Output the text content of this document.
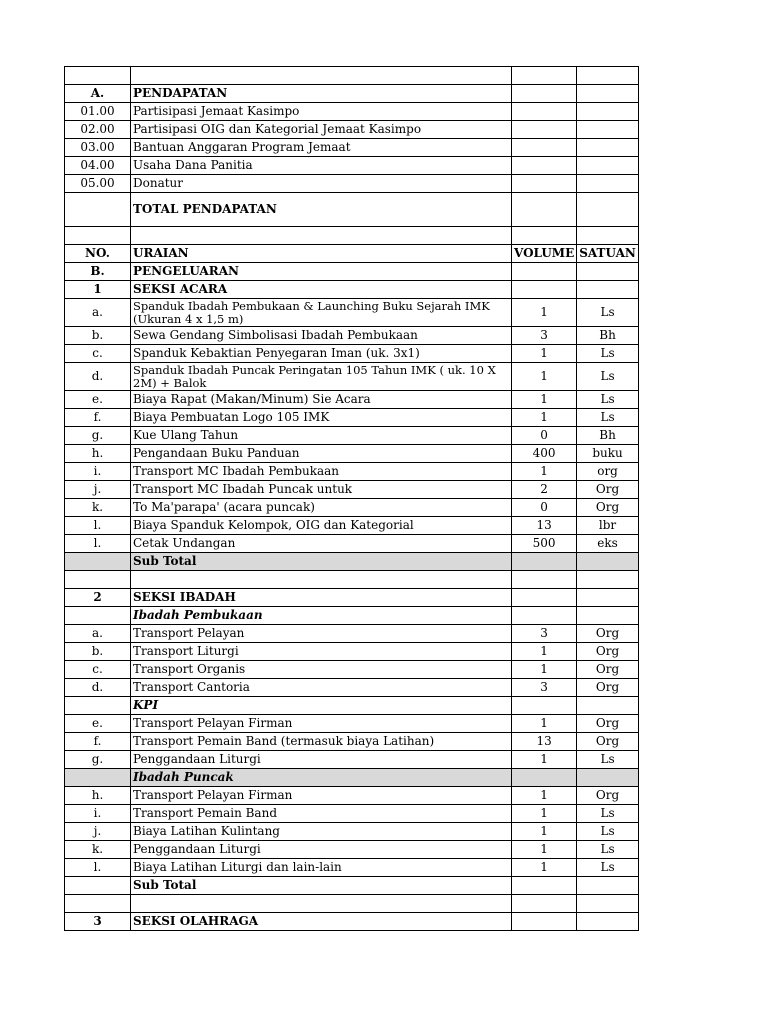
A.	PENDAPATAN		
01.00	Partisipasi Jemaat Kasimpo		
02.00	Partisipasi OIG dan Kategorial Jemaat Kasimpo		
03.00	Bantuan Anggaran Program Jemaat		
04.00	Usaha Dana Panitia		
05.00	Donatur		
	TOTAL PENDAPATAN		

NO.	URAIAN	VOLUME	SATUAN
B.	PENGELUARAN		
1	SEKSI ACARA		
a.	Spanduk Ibadah Pembukaan & Launching Buku Sejarah IMK (Ukuran 4 x 1,5 m)	1	Ls
b.	Sewa Gendang Simbolisasi Ibadah Pembukaan	3	Bh
c.	Spanduk Kebaktian Penyegaran Iman (uk. 3x1)	1	Ls
d.	Spanduk Ibadah Puncak Peringatan 105 Tahun IMK ( uk. 10 X 2M) + Balok	1	Ls
e.	Biaya Rapat (Makan/Minum) Sie Acara	1	Ls
f.	Biaya Pembuatan Logo 105 IMK	1	Ls
g.	Kue Ulang Tahun	0	Bh
h.	Pengandaan Buku Panduan	400	buku
i.	Transport MC Ibadah Pembukaan	1	org
j.	Transport MC Ibadah Puncak untuk	2	Org
k.	To Ma'parapa' (acara puncak)	0	Org
l.	Biaya Spanduk Kelompok, OIG dan Kategorial	13	lbr
l.	Cetak Undangan	500	eks
	Sub Total		

2	SEKSI IBADAH		
	Ibadah Pembukaan		
a.	Transport Pelayan	3	Org
b.	Transport Liturgi	1	Org
c.	Transport Organis	1	Org
d.	Transport Cantoria	3	Org
	KPI		
e.	Transport Pelayan Firman	1	Org
f.	Transport Pemain Band (termasuk biaya Latihan)	13	Org
g.	Penggandaan Liturgi	1	Ls
	Ibadah Puncak		
h.	Transport Pelayan Firman	1	Org
i.	Transport Pemain Band	1	Ls
j.	Biaya Latihan Kulintang	1	Ls
k.	Penggandaan Liturgi	1	Ls
l.	Biaya Latihan Liturgi dan lain-lain	1	Ls
	Sub Total		

3	SEKSI OLAHRAGA		
